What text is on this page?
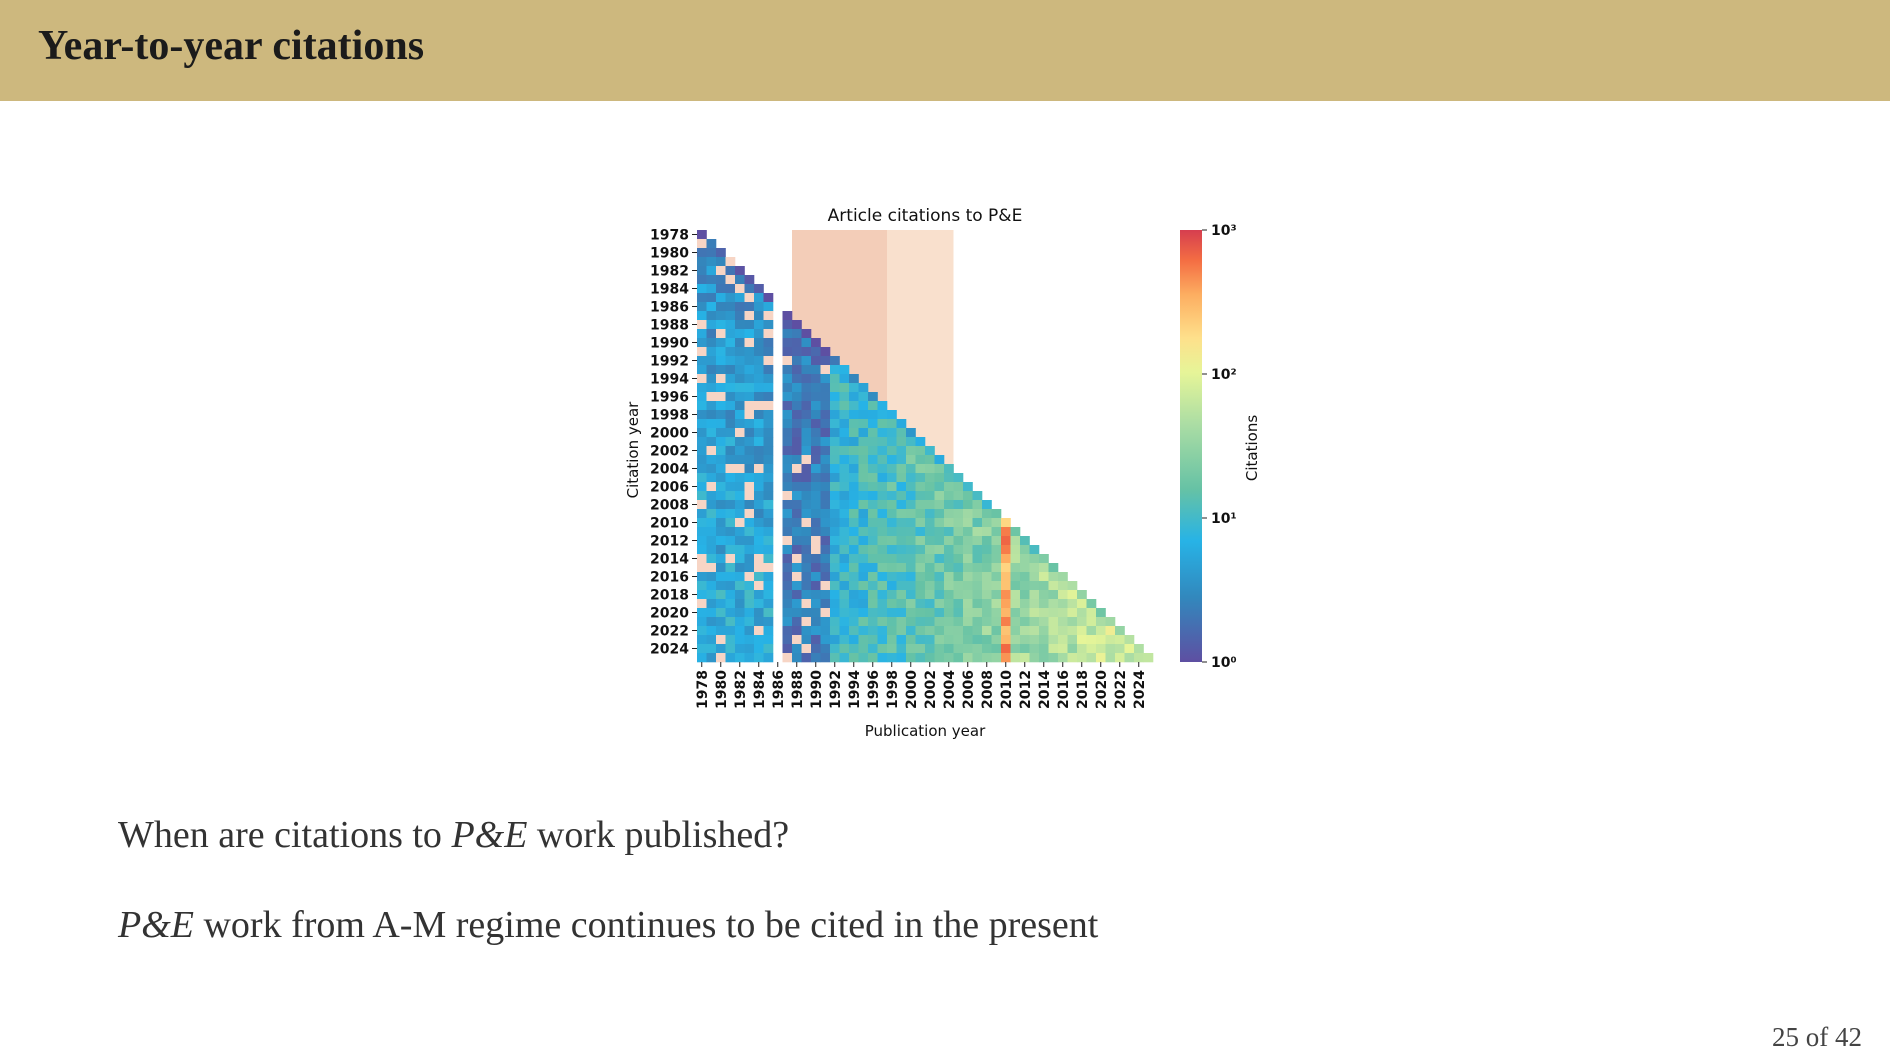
Year-to-year citations
1978
1980
1982
1984
1986
1988
1990
1992
1994
1996
1998
2000
2002
2004
2006
2008
2010
2012
2014
2016
2018
2020
2022
2024
1978 1980 1982 1984 1986 1988 1990 1992 1994 1996 1998 2000 2002 2004 2006 2008 2010 2012 2014 2016 2018 2020 2022 2024
Article citations to P&E
Publication year
Citation year
10⁰
10¹
10²
10³
Citations
When are citations to P&E work published?
P&E work from A-M regime continues to be cited in the present
25 of 42
